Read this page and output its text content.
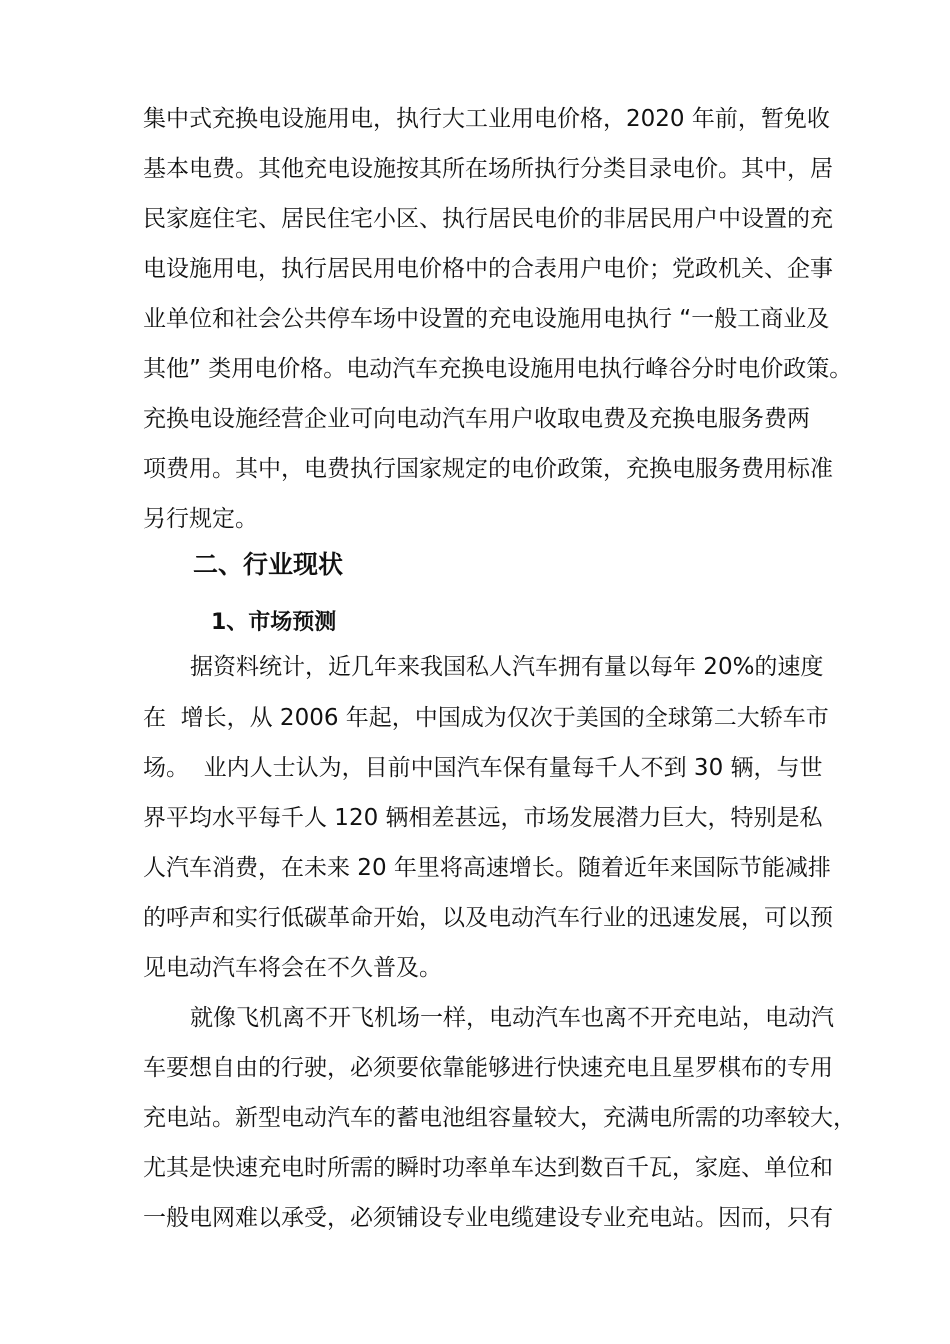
集中式充换电设施用电，执行大工业用电价格，2020 年前，暂免收

基本电费。其他充电设施按其所在场所执行分类目录电价。其中，居

民家庭住宅、居民住宅小区、执行居民电价的非居民用户中设置的充

电设施用电，执行居民用电价格中的合表用户电价；党政机关、企事

业单位和社会公共停车场中设置的充电设施用电执行 “一般工商业及

其他” 类用电价格。电动汽车充换电设施用电执行峰谷分时电价政策。

充换电设施经营企业可向电动汽车用户收取电费及充换电服务费两

项费用。其中，电费执行国家规定的电价政策，充换电服务费用标准

另行规定。

二、行业现状
1、市场预测

据资料统计，近几年来我国私人汽车拥有量以每年 20%的速度

在  增长，从 2006 年起，中国成为仅次于美国的全球第二大轿车市

场。  业内人士认为，目前中国汽车保有量每千人不到 30 辆，与世

界平均水平每千人 120 辆相差甚远，市场发展潜力巨大，特别是私

人汽车消费，在未来 20 年里将高速增长。随着近年来国际节能减排

的呼声和实行低碳革命开始，以及电动汽车行业的迅速发展，可以预

见电动汽车将会在不久普及。

就像飞机离不开飞机场一样，电动汽车也离不开充电站，电动汽

车要想自由的行驶，必须要依靠能够进行快速充电且星罗棋布的专用

充电站。新型电动汽车的蓄电池组容量较大，充满电所需的功率较大，

尤其是快速充电时所需的瞬时功率单车达到数百千瓦，家庭、单位和

一般电网难以承受，必须铺设专业电缆建设专业充电站。因而，只有
